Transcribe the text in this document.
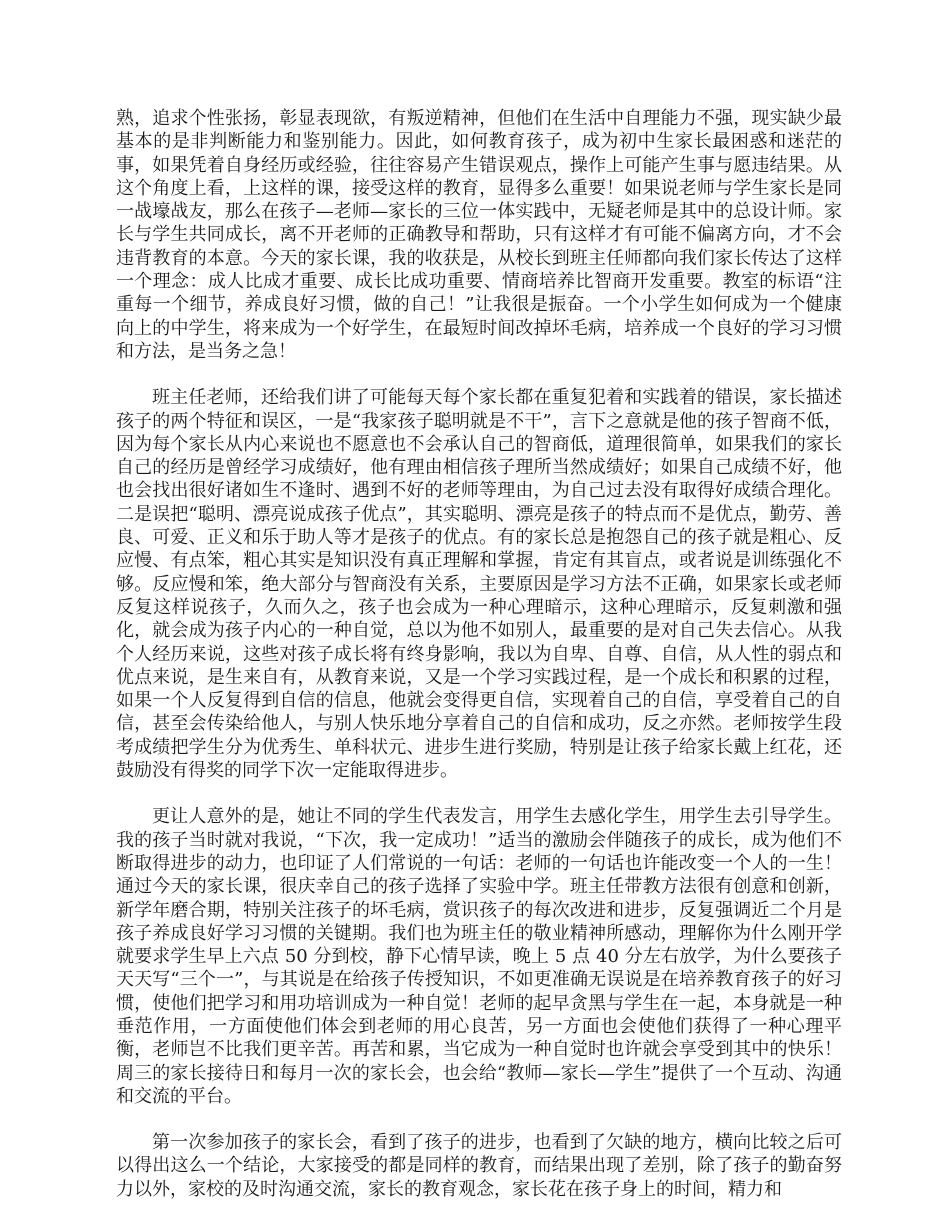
熟，追求个性张扬，彰显表现欲，有叛逆精神，但他们在生活中自理能力不强，现实缺少最基本的是非判断能力和鉴别能力。因此，如何教育孩子，成为初中生家长最困惑和迷茫的事，如果凭着自身经历或经验，往往容易产生错误观点，操作上可能产生事与愿违结果。从这个角度上看，上这样的课，接受这样的教育，显得多么重要！如果说老师与学生家长是同一战壕战友，那么在孩子—老师—家长的三位一体实践中，无疑老师是其中的总设计师。家长与学生共同成长，离不开老师的正确教导和帮助，只有这样才有可能不偏离方向，才不会违背教育的本意。今天的家长课，我的收获是，从校长到班主任师都向我们家长传达了这样一个理念：成人比成才重要、成长比成功重要、情商培养比智商开发重要。教室的标语“注重每一个细节，养成良好习惯，做的自己！”让我很是振奋。一个小学生如何成为一个健康向上的中学生，将来成为一个好学生，在最短时间改掉坏毛病，培养成一个良好的学习习惯和方法，是当务之急！

班主任老师，还给我们讲了可能每天每个家长都在重复犯着和实践着的错误，家长描述孩子的两个特征和误区，一是“我家孩子聪明就是不干”，言下之意就是他的孩子智商不低，因为每个家长从内心来说也不愿意也不会承认自己的智商低，道理很简单，如果我们的家长自己的经历是曾经学习成绩好，他有理由相信孩子理所当然成绩好；如果自己成绩不好，他也会找出很好诸如生不逢时、遇到不好的老师等理由，为自己过去没有取得好成绩合理化。二是误把“聪明、漂亮说成孩子优点”，其实聪明、漂亮是孩子的特点而不是优点，勤劳、善良、可爱、正义和乐于助人等才是孩子的优点。有的家长总是抱怨自己的孩子就是粗心、反应慢、有点笨，粗心其实是知识没有真正理解和掌握，肯定有其盲点，或者说是训练强化不够。反应慢和笨，绝大部分与智商没有关系，主要原因是学习方法不正确，如果家长或老师反复这样说孩子，久而久之，孩子也会成为一种心理暗示，这种心理暗示，反复刺激和强化，就会成为孩子内心的一种自觉，总以为他不如别人，最重要的是对自己失去信心。从我个人经历来说，这些对孩子成长将有终身影响，我以为自卑、自尊、自信，从人性的弱点和优点来说，是生来自有，从教育来说，又是一个学习实践过程，是一个成长和积累的过程，如果一个人反复得到自信的信息，他就会变得更自信，实现着自己的自信，享受着自己的自信，甚至会传染给他人，与别人快乐地分享着自己的自信和成功，反之亦然。老师按学生段考成绩把学生分为优秀生、单科状元、进步生进行奖励，特别是让孩子给家长戴上红花，还鼓励没有得奖的同学下次一定能取得进步。

更让人意外的是，她让不同的学生代表发言，用学生去感化学生，用学生去引导学生。我的孩子当时就对我说，“下次，我一定成功！”适当的激励会伴随孩子的成长，成为他们不断取得进步的动力，也印证了人们常说的一句话：老师的一句话也许能改变一个人的一生！通过今天的家长课，很庆幸自己的孩子选择了实验中学。班主任带教方法很有创意和创新，新学年磨合期，特别关注孩子的坏毛病，赏识孩子的每次改进和进步，反复强调近二个月是孩子养成良好学习习惯的关键期。我们也为班主任的敬业精神所感动，理解你为什么刚开学就要求学生早上六点 50 分到校，静下心情早读，晚上 5 点 40 分左右放学，为什么要孩子天天写“三个一”，与其说是在给孩子传授知识，不如更准确无误说是在培养教育孩子的好习惯，使他们把学习和用功培训成为一种自觉！老师的起早贪黑与学生在一起，本身就是一种垂范作用，一方面使他们体会到老师的用心良苦，另一方面也会使他们获得了一种心理平衡，老师岂不比我们更辛苦。再苦和累，当它成为一种自觉时也许就会享受到其中的快乐！周三的家长接待日和每月一次的家长会，也会给“教师—家长—学生”提供了一个互动、沟通和交流的平台。

第一次参加孩子的家长会，看到了孩子的进步，也看到了欠缺的地方，横向比较之后可以得出这么一个结论，大家接受的都是同样的教育，而结果出现了差别，除了孩子的勤奋努力以外，家校的及时沟通交流，家长的教育观念，家长花在孩子身上的时间，精力和
